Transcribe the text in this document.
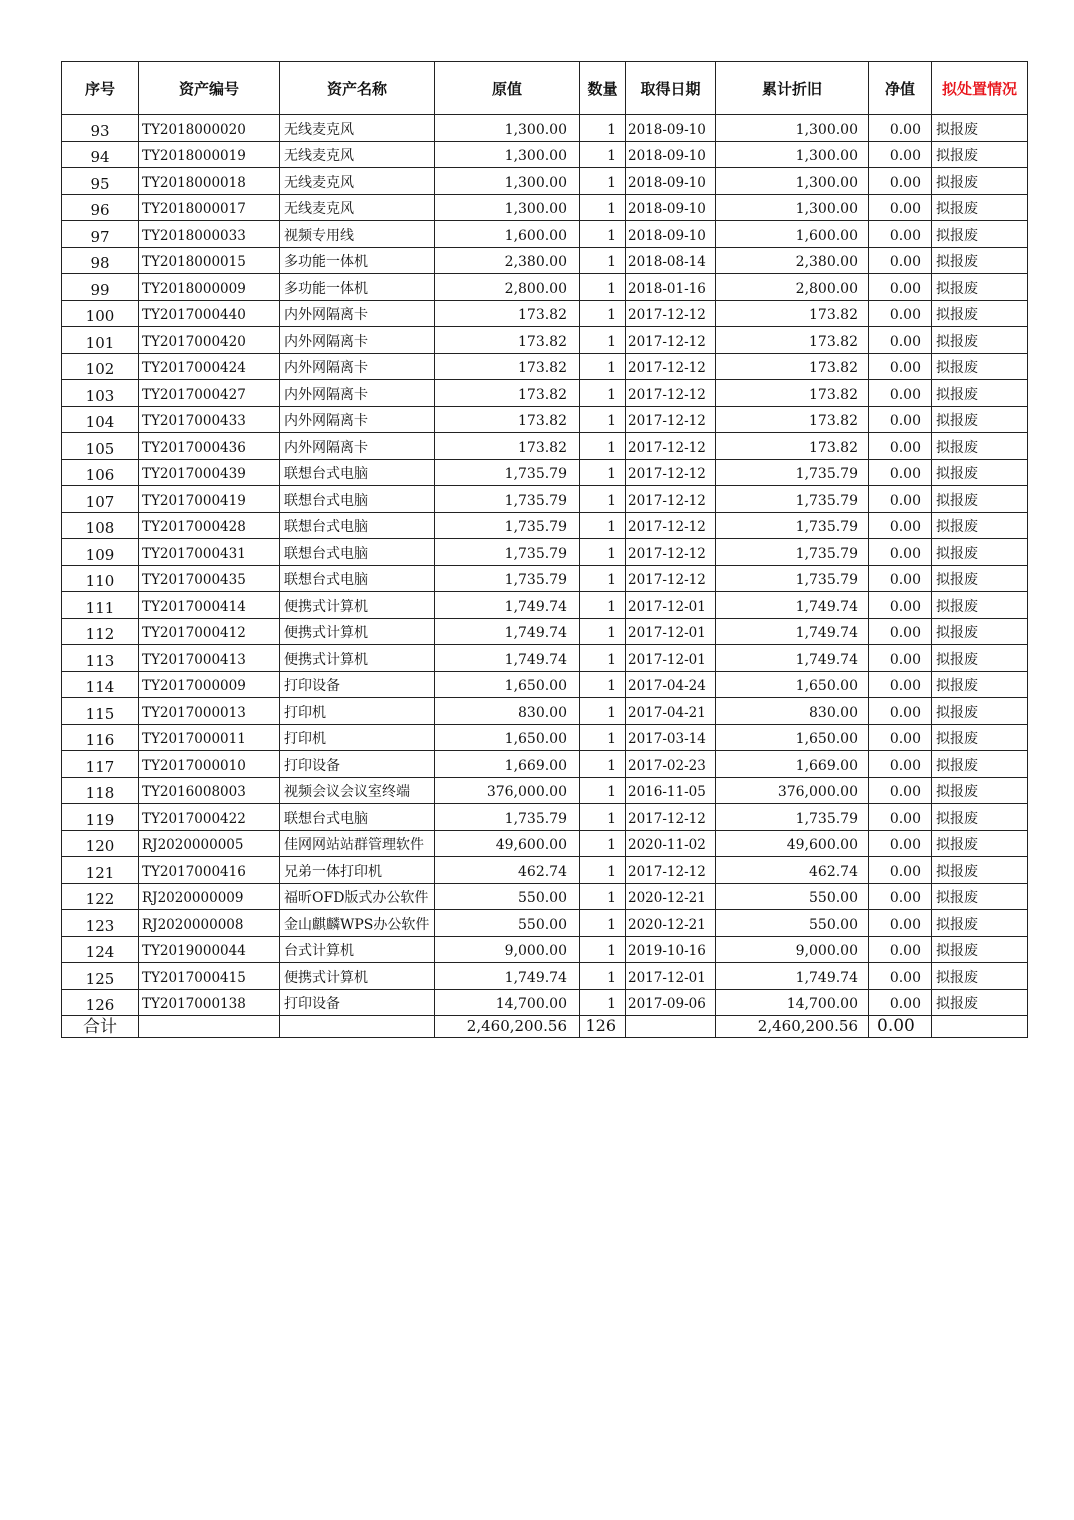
序号	资产编号	资产名称	原值	数量	取得日期	累计折旧	净值	拟处置情况
93	TY2018000020	无线麦克风	1,300.00	1	2018-09-10	1,300.00	0.00	拟报废
94	TY2018000019	无线麦克风	1,300.00	1	2018-09-10	1,300.00	0.00	拟报废
95	TY2018000018	无线麦克风	1,300.00	1	2018-09-10	1,300.00	0.00	拟报废
96	TY2018000017	无线麦克风	1,300.00	1	2018-09-10	1,300.00	0.00	拟报废
97	TY2018000033	视频专用线	1,600.00	1	2018-09-10	1,600.00	0.00	拟报废
98	TY2018000015	多功能一体机	2,380.00	1	2018-08-14	2,380.00	0.00	拟报废
99	TY2018000009	多功能一体机	2,800.00	1	2018-01-16	2,800.00	0.00	拟报废
100	TY2017000440	内外网隔离卡	173.82	1	2017-12-12	173.82	0.00	拟报废
101	TY2017000420	内外网隔离卡	173.82	1	2017-12-12	173.82	0.00	拟报废
102	TY2017000424	内外网隔离卡	173.82	1	2017-12-12	173.82	0.00	拟报废
103	TY2017000427	内外网隔离卡	173.82	1	2017-12-12	173.82	0.00	拟报废
104	TY2017000433	内外网隔离卡	173.82	1	2017-12-12	173.82	0.00	拟报废
105	TY2017000436	内外网隔离卡	173.82	1	2017-12-12	173.82	0.00	拟报废
106	TY2017000439	联想台式电脑	1,735.79	1	2017-12-12	1,735.79	0.00	拟报废
107	TY2017000419	联想台式电脑	1,735.79	1	2017-12-12	1,735.79	0.00	拟报废
108	TY2017000428	联想台式电脑	1,735.79	1	2017-12-12	1,735.79	0.00	拟报废
109	TY2017000431	联想台式电脑	1,735.79	1	2017-12-12	1,735.79	0.00	拟报废
110	TY2017000435	联想台式电脑	1,735.79	1	2017-12-12	1,735.79	0.00	拟报废
111	TY2017000414	便携式计算机	1,749.74	1	2017-12-01	1,749.74	0.00	拟报废
112	TY2017000412	便携式计算机	1,749.74	1	2017-12-01	1,749.74	0.00	拟报废
113	TY2017000413	便携式计算机	1,749.74	1	2017-12-01	1,749.74	0.00	拟报废
114	TY2017000009	打印设备	1,650.00	1	2017-04-24	1,650.00	0.00	拟报废
115	TY2017000013	打印机	830.00	1	2017-04-21	830.00	0.00	拟报废
116	TY2017000011	打印机	1,650.00	1	2017-03-14	1,650.00	0.00	拟报废
117	TY2017000010	打印设备	1,669.00	1	2017-02-23	1,669.00	0.00	拟报废
118	TY2016008003	视频会议会议室终端	376,000.00	1	2016-11-05	376,000.00	0.00	拟报废
119	TY2017000422	联想台式电脑	1,735.79	1	2017-12-12	1,735.79	0.00	拟报废
120	RJ2020000005	佳网网站站群管理软件	49,600.00	1	2020-11-02	49,600.00	0.00	拟报废
121	TY2017000416	兄弟一体打印机	462.74	1	2017-12-12	462.74	0.00	拟报废
122	RJ2020000009	福昕OFD版式办公软件	550.00	1	2020-12-21	550.00	0.00	拟报废
123	RJ2020000008	金山麒麟WPS办公软件	550.00	1	2020-12-21	550.00	0.00	拟报废
124	TY2019000044	台式计算机	9,000.00	1	2019-10-16	9,000.00	0.00	拟报废
125	TY2017000415	便携式计算机	1,749.74	1	2017-12-01	1,749.74	0.00	拟报废
126	TY2017000138	打印设备	14,700.00	1	2017-09-06	14,700.00	0.00	拟报废
合计			2,460,200.56	126		2,460,200.56	0.00	
